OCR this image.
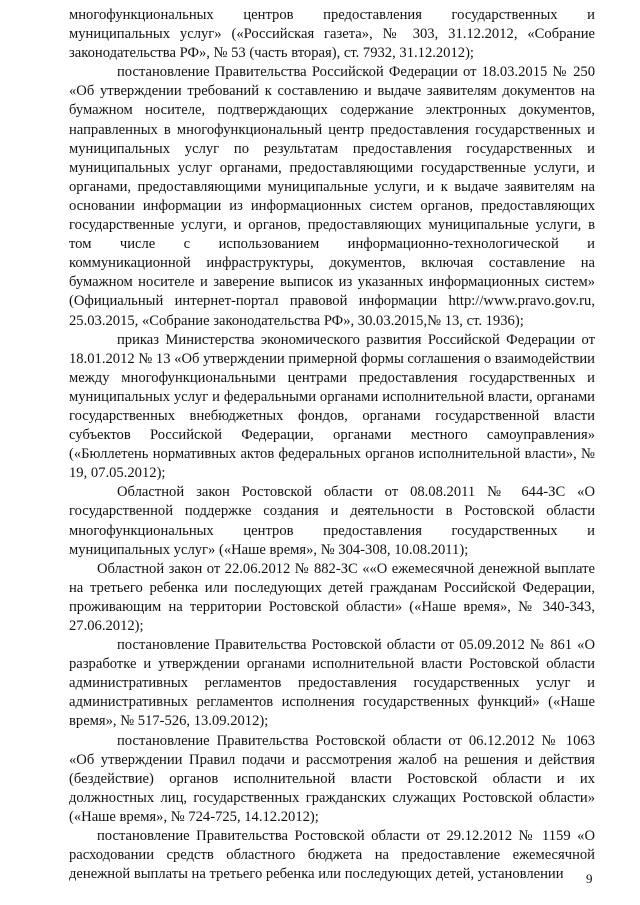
многофункциональных центров предоставления государственных и муниципальных услуг» («Российская газета», № 303, 31.12.2012, «Собрание законодательства РФ», № 53 (часть вторая), ст. 7932, 31.12.2012);

постановление Правительства Российской Федерации от 18.03.2015 № 250 «Об утверждении требований к составлению и выдаче заявителям документов на бумажном носителе, подтверждающих содержание электронных документов, направленных в многофункциональный центр предоставления государственных и муниципальных услуг по результатам предоставления государственных и муниципальных услуг органами, предоставляющими государственные услуги, и органами, предоставляющими муниципальные услуги, и к выдаче заявителям на основании информации из информационных систем органов, предоставляющих государственные услуги, и органов, предоставляющих муниципальные услуги, в том числе с использованием информационно-технологической и коммуникационной инфраструктуры, документов, включая составление на бумажном носителе и заверение выписок из указанных информационных систем» (Официальный интернет-портал правовой информации http://www.pravo.gov.ru, 25.03.2015, «Собрание законодательства РФ», 30.03.2015,№ 13, ст. 1936);

приказ Министерства экономического развития Российской Федерации от 18.01.2012 № 13 «Об утверждении примерной формы соглашения о взаимодействии между многофункциональными центрами предоставления государственных и муниципальных услуг и федеральными органами исполнительной власти, органами государственных внебюджетных фондов, органами государственной власти субъектов Российской Федерации, органами местного самоуправления» («Бюллетень нормативных актов федеральных органов исполнительной власти», № 19, 07.05.2012);

Областной закон Ростовской области от 08.08.2011 № 644-ЗС «О государственной поддержке создания и деятельности в Ростовской области многофункциональных центров предоставления государственных и муниципальных услуг» («Наше время», № 304-308, 10.08.2011);

Областной закон от 22.06.2012 № 882-ЗС ««О ежемесячной денежной выплате на третьего ребенка или последующих детей гражданам Российской Федерации, проживающим на территории Ростовской области» («Наше время», № 340-343, 27.06.2012);

постановление Правительства Ростовской области от 05.09.2012 № 861 «О разработке и утверждении органами исполнительной власти Ростовской области административных регламентов предоставления государственных услуг и административных регламентов исполнения государственных функций» («Наше время», № 517-526, 13.09.2012);

постановление Правительства Ростовской области от 06.12.2012 № 1063 «Об утверждении Правил подачи и рассмотрения жалоб на решения и действия (бездействие) органов исполнительной власти Ростовской области и их должностных лиц, государственных гражданских служащих Ростовской области» («Наше время», № 724-725, 14.12.2012);

постановление Правительства Ростовской области от 29.12.2012 № 1159 «О расходовании средств областного бюджета на предоставление ежемесячной денежной выплаты на третьего ребенка или последующих детей, установлении	9
